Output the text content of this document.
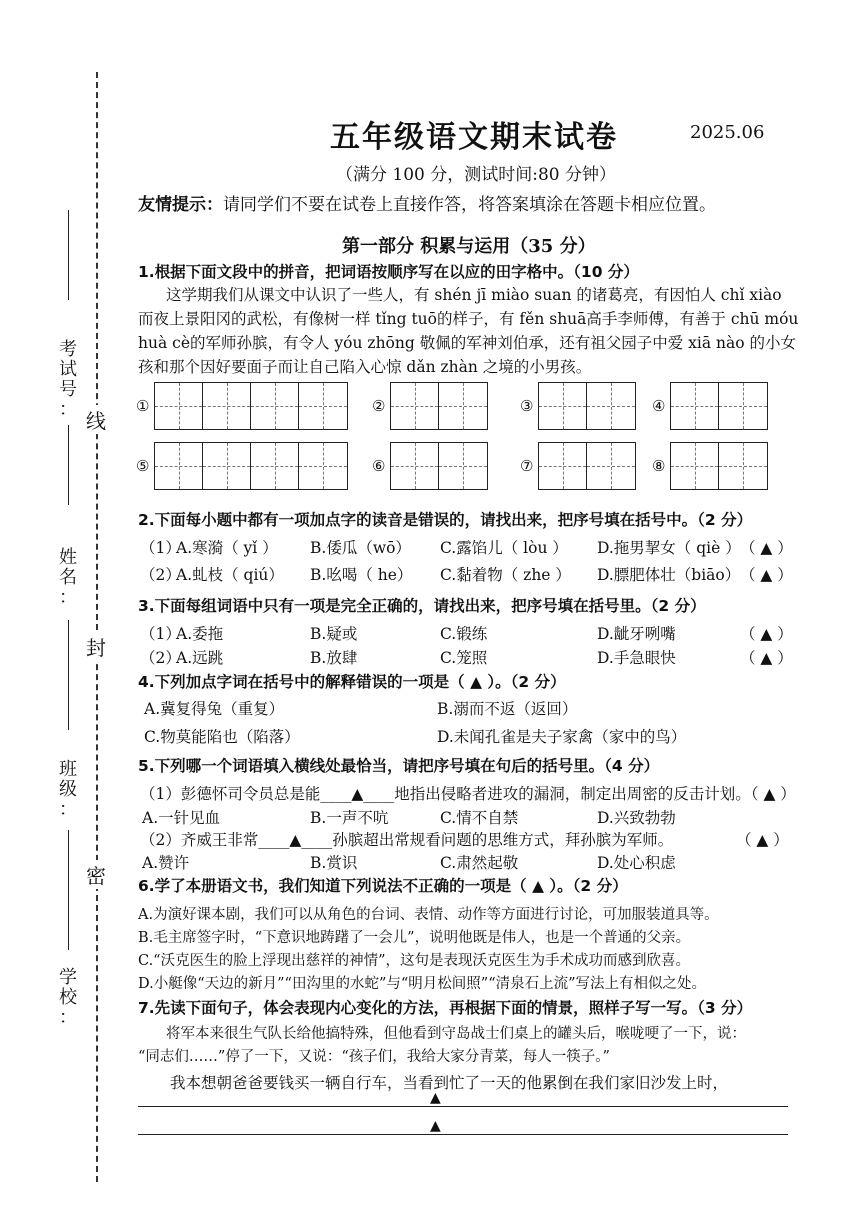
考
试
号
：
姓
名
：
班
级
：
学
校
：
线
封
密
五年级语文期末试卷	2025.06
（满分 100 分，测试时间:80 分钟）
友情提示：请同学们不要在试卷上直接作答，将答案填涂在答题卡相应位置。
第一部分 积累与运用（35 分）
1.根据下面文段中的拼音，把词语按顺序写在以应的田字格中。（10 分）
这学期我们从课文中认识了一些人，有 shén jī miào suan 的诸葛亮，有因怕人 chǐ xiào
而夜上景阳冈的武松，有像树一样 tǐng tuō的样子，有 fěn shuā高手李师傅，有善于 chū móu
huà cè的军师孙膑，有令人 yóu zhōng 敬佩的军神刘伯承，还有祖父园子中爱 xiā nào 的小女
孩和那个因好要面子而让自己陷入心惊 dǎn zhàn 之境的小男孩。
①	②	③	④
⑤	⑥	⑦	⑧
2.下面每小题中都有一项加点字的读音是错误的，请找出来，把序号填在括号中。（2 分）
（1）
A.寒漪（ yǐ ） B.倭瓜（wō） C.露馅儿（ lòu ） D.拖男挈女（ qiè ） （ ▲ ）
（2）
A.虬枝（ qiú） B.吆喝（ he） C.黏着物（ zhe ） D.膘肥体壮（biāo） （ ▲ ）
3.下面每组词语中只有一项是完全正确的，请找出来，把序号填在括号里。（2 分）
（1）
A.委拖	B.疑或	C.锻练	D.龇牙咧嘴	（ ▲ ）
（2）
A.远跳	B.放肆	C.笼照	D.手急眼快	（ ▲ ）
4.下列加点字词在括号中的解释错误的一项是（ ▲ ）。（2 分）
A.冀复得兔（重复）	B.溺而不返（返回）
C.物莫能陷也（陷落）	D.未闻孔雀是夫子家禽（家中的鸟）
5.下列哪一个词语填入横线处最恰当，请把序号填在句后的括号里。（4 分）
（1）彭德怀司令员总是能____▲____地指出侵略者进攻的漏洞，制定出周密的反击计划。（ ▲ ）
A.一针见血	B.一声不吭	C.情不自禁	D.兴致勃勃
（2）齐威王非常____▲____孙膑超出常规看问题的思维方式，拜孙膑为军师。	（ ▲ ）
A.赞许	B.赏识	C.肃然起敬	D.处心积虑
6.学了本册语文书，我们知道下列说法不正确的一项是（ ▲ ）。（2 分）
A.为演好课本剧，我们可以从角色的台词、表情、动作等方面进行讨论，可加服装道具等。
B.毛主席签字时，“下意识地踌躇了一会儿”，说明他既是伟人，也是一个普通的父亲。
C.“沃克医生的脸上浮现出慈祥的神情”，这句是表现沃克医生为手术成功而感到欣喜。
D.小艇像“天边的新月”“田沟里的水蛇”与“明月松间照”“清泉石上流”写法上有相似之处。
7.先读下面句子，体会表现内心变化的方法，再根据下面的情景，照样子写一写。（3 分）
将军本来很生气队长给他搞特殊，但他看到守岛战士们桌上的罐头后，喉咙哽了一下，说：
“同志们……”停了一下，又说：“孩子们，我给大家分青菜，每人一筷子。”
我本想朝爸爸要钱买一辆自行车，当看到忙了一天的他累倒在我们家旧沙发上时，
▲
▲
